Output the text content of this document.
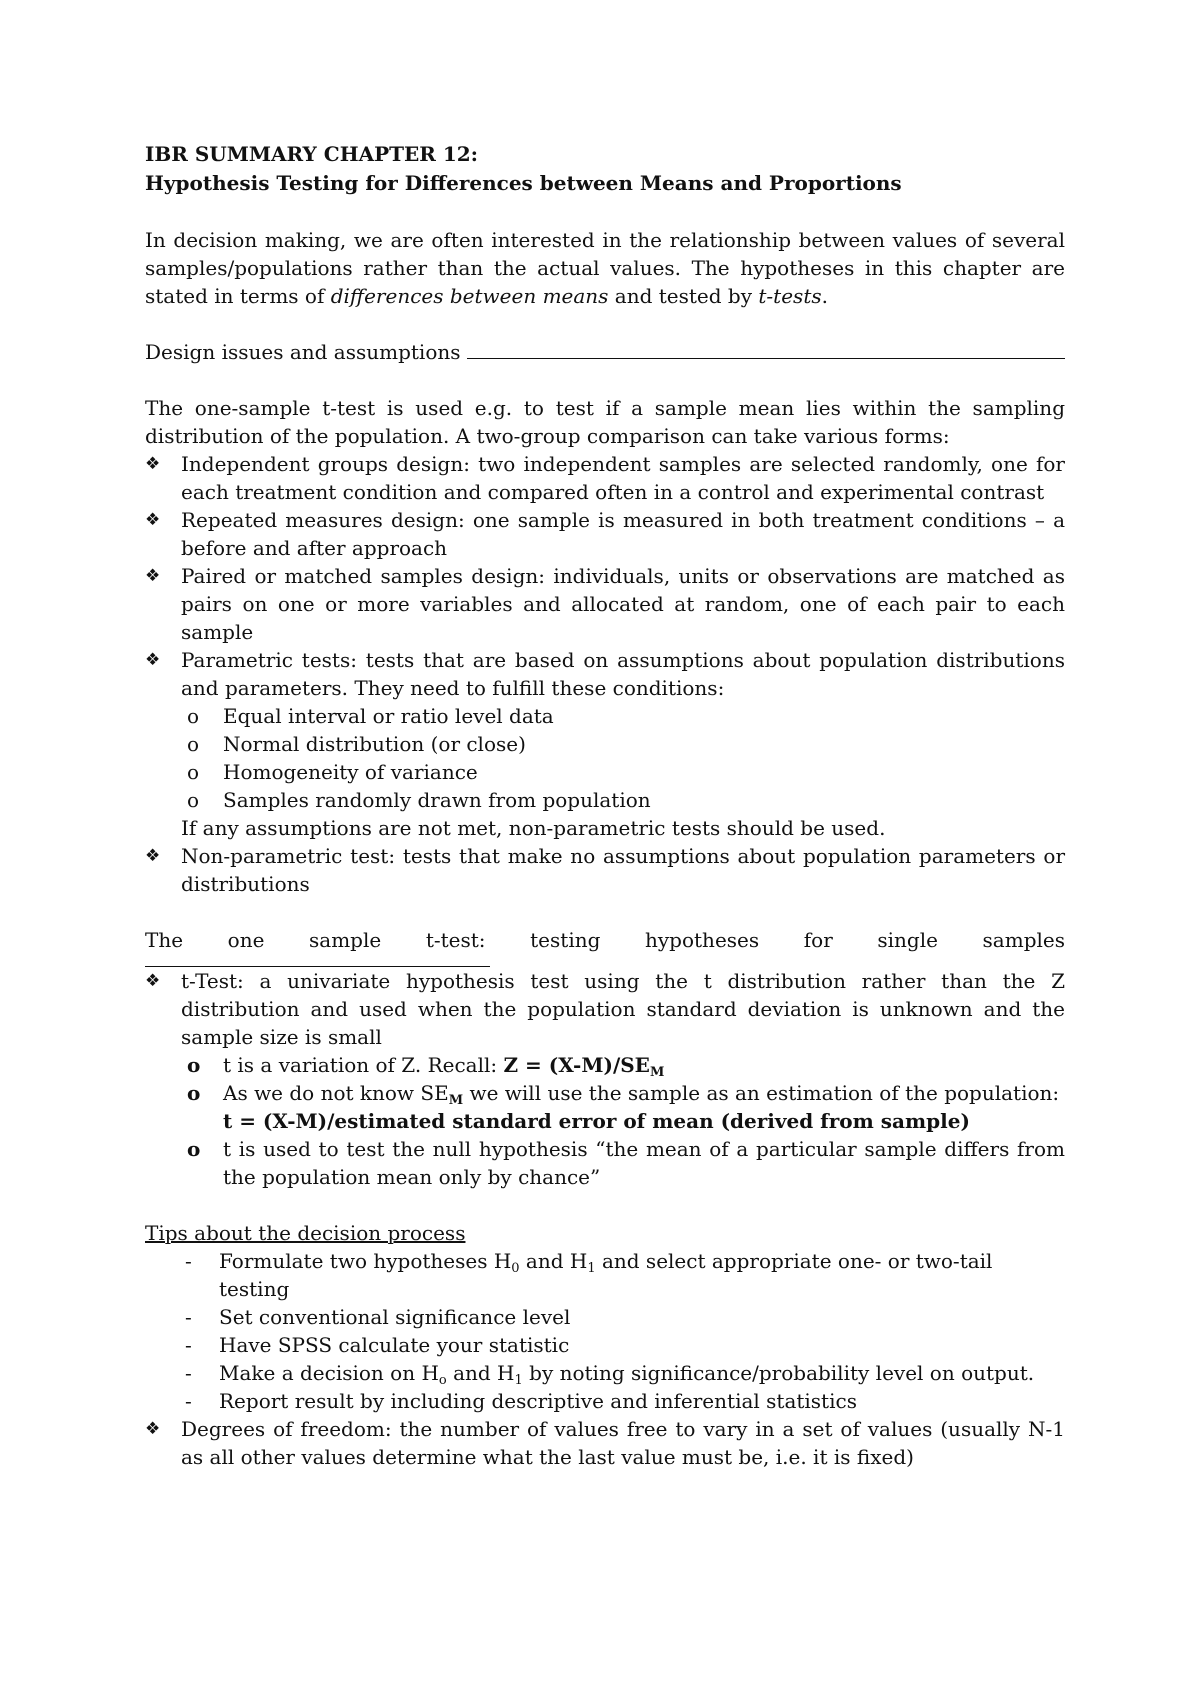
IBR SUMMARY CHAPTER 12:
Hypothesis Testing for Differences between Means and Proportions

In decision making, we are often interested in the relationship between values of several samples/populations rather than the actual values. The hypotheses in this chapter are stated in terms of differences between means and tested by t-tests.

Design issues and assumptions

The one-sample t-test is used e.g. to test if a sample mean lies within the sampling distribution of the population. A two-group comparison can take various forms:

❖	Independent groups design: two independent samples are selected randomly, one for each treatment condition and compared often in a control and experimental contrast
❖	Repeated measures design: one sample is measured in both treatment conditions – a before and after approach
❖	Paired or matched samples design: individuals, units or observations are matched as pairs on one or more variables and allocated at random, one of each pair to each sample
❖	Parametric tests: tests that are based on assumptions about population distributions and parameters. They need to fulfill these conditions:
o	Equal interval or ratio level data
o	Normal distribution (or close)
o	Homogeneity of variance
o	Samples randomly drawn from population
If any assumptions are not met, non-parametric tests should be used.
❖	Non-parametric test: tests that make no assumptions about population parameters or distributions
The one sample t-test: testing hypotheses for single samples
❖	t-Test: a univariate hypothesis test using the t distribution rather than the Z distribution and used when the population standard deviation is unknown and the sample size is small
o	t is a variation of Z. Recall: $Z = (X-M)/SE_M$
o	As we do not know $SE_M$ we will use the sample as an estimation of the population:
t = (X-M)/estimated standard error of mean (derived from sample)
o	t is used to test the null hypothesis “the mean of a particular sample differs from the population mean only by chance”
Tips about the decision process
- Formulate two hypotheses $H_0$ and $H_1$ and select appropriate one- or two-tail testing
- Set conventional significance level
- Have SPSS calculate your statistic
- Make a decision on $H_o$ and $H_1$ by noting significance/probability level on output.
- Report result by including descriptive and inferential statistics
❖	Degrees of freedom: the number of values free to vary in a set of values (usually N-1 as all other values determine what the last value must be, i.e. it is fixed)
